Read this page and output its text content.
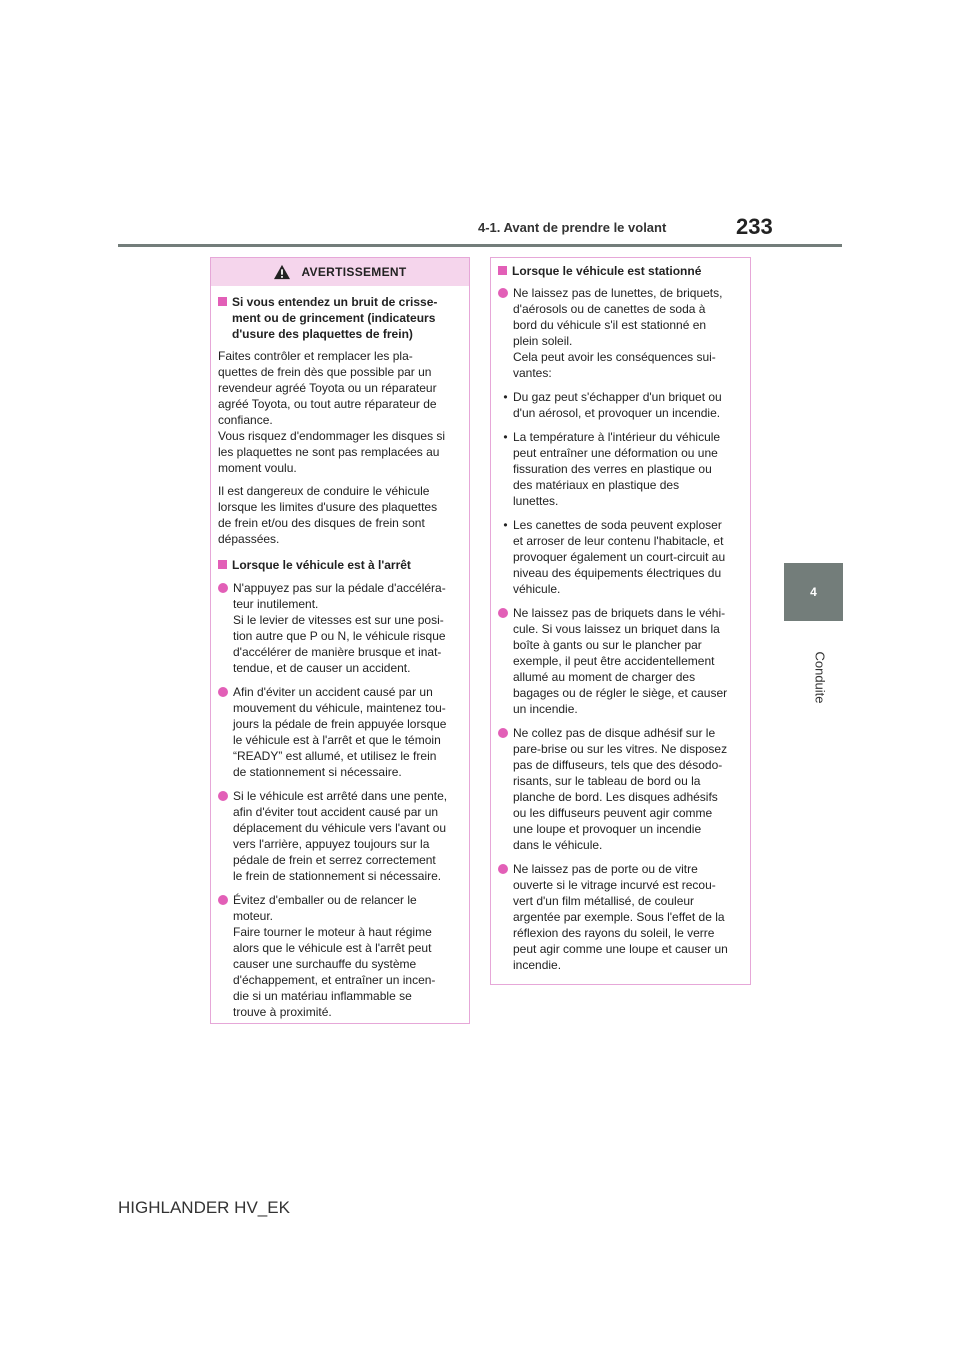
4-1. Avant de prendre le volant	233
4
Conduite
AVERTISSEMENT
Si vous entendez un bruit de crisse-
ment ou de grincement (indicateurs
d'usure des plaquettes de frein)
Faites contrôler et remplacer les pla-
quettes de frein dès que possible par un
revendeur agréé Toyota ou un réparateur
agréé Toyota, ou tout autre réparateur de
confiance.
Vous risquez d'endommager les disques si
les plaquettes ne sont pas remplacées au
moment voulu.
Il est dangereux de conduire le véhicule
lorsque les limites d'usure des plaquettes
de frein et/ou des disques de frein sont
dépassées.
Lorsque le véhicule est à l'arrêt
N'appuyez pas sur la pédale d'accéléra-
teur inutilement.
Si le levier de vitesses est sur une posi-
tion autre que P ou N, le véhicule risque
d'accélérer de manière brusque et inat-
tendue, et de causer un accident.
Afin d'éviter un accident causé par un
mouvement du véhicule, maintenez tou-
jours la pédale de frein appuyée lorsque
le véhicule est à l'arrêt et que le témoin
“READY” est allumé, et utilisez le frein
de stationnement si nécessaire.
Si le véhicule est arrêté dans une pente,
afin d'éviter tout accident causé par un
déplacement du véhicule vers l'avant ou
vers l'arrière, appuyez toujours sur la
pédale de frein et serrez correctement
le frein de stationnement si nécessaire.
Évitez d'emballer ou de relancer le
moteur.
Faire tourner le moteur à haut régime
alors que le véhicule est à l'arrêt peut
causer une surchauffe du système
d'échappement, et entraîner un incen-
die si un matériau inflammable se
trouve à proximité.
Lorsque le véhicule est stationné
Ne laissez pas de lunettes, de briquets,
d'aérosols ou de canettes de soda à
bord du véhicule s'il est stationné en
plein soleil.
Cela peut avoir les conséquences sui-
vantes:
• Du gaz peut s'échapper d'un briquet ou
d'un aérosol, et provoquer un incendie.
• La température à l'intérieur du véhicule
peut entraîner une déformation ou une
fissuration des verres en plastique ou
des matériaux en plastique des
lunettes.
• Les canettes de soda peuvent exploser
et arroser de leur contenu l'habitacle, et
provoquer également un court-circuit au
niveau des équipements électriques du
véhicule.
Ne laissez pas de briquets dans le véhi-
cule. Si vous laissez un briquet dans la
boîte à gants ou sur le plancher par
exemple, il peut être accidentellement
allumé au moment de charger des
bagages ou de régler le siège, et causer
un incendie.
Ne collez pas de disque adhésif sur le
pare-brise ou sur les vitres. Ne disposez
pas de diffuseurs, tels que des désodo-
risants, sur le tableau de bord ou la
planche de bord. Les disques adhésifs
ou les diffuseurs peuvent agir comme
une loupe et provoquer un incendie
dans le véhicule.
Ne laissez pas de porte ou de vitre
ouverte si le vitrage incurvé est recou-
vert d'un film métallisé, de couleur
argentée par exemple. Sous l'effet de la
réflexion des rayons du soleil, le verre
peut agir comme une loupe et causer un
incendie.
HIGHLANDER HV_EK
